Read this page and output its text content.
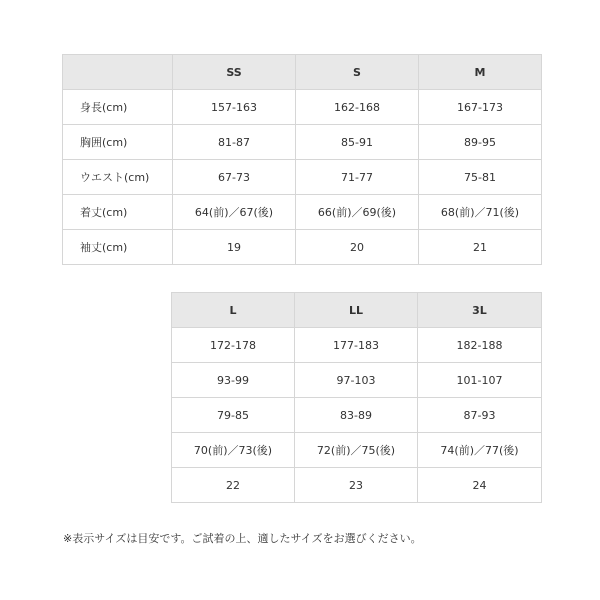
	SS	S	M
身長(cm)	157-163	162-168	167-173
胸囲(cm)	81-87	85-91	89-95
ウエスト(cm)	67-73	71-77	75-81
着丈(cm)	64(前)／67(後)	66(前)／69(後)	68(前)／71(後)
袖丈(cm)	19	20	21
L	LL	3L
172-178	177-183	182-188
93-99	97-103	101-107
79-85	83-89	87-93
70(前)／73(後)	72(前)／75(後)	74(前)／77(後)
22	23	24
※表示サイズは目安です。ご試着の上、適したサイズをお選びください。
